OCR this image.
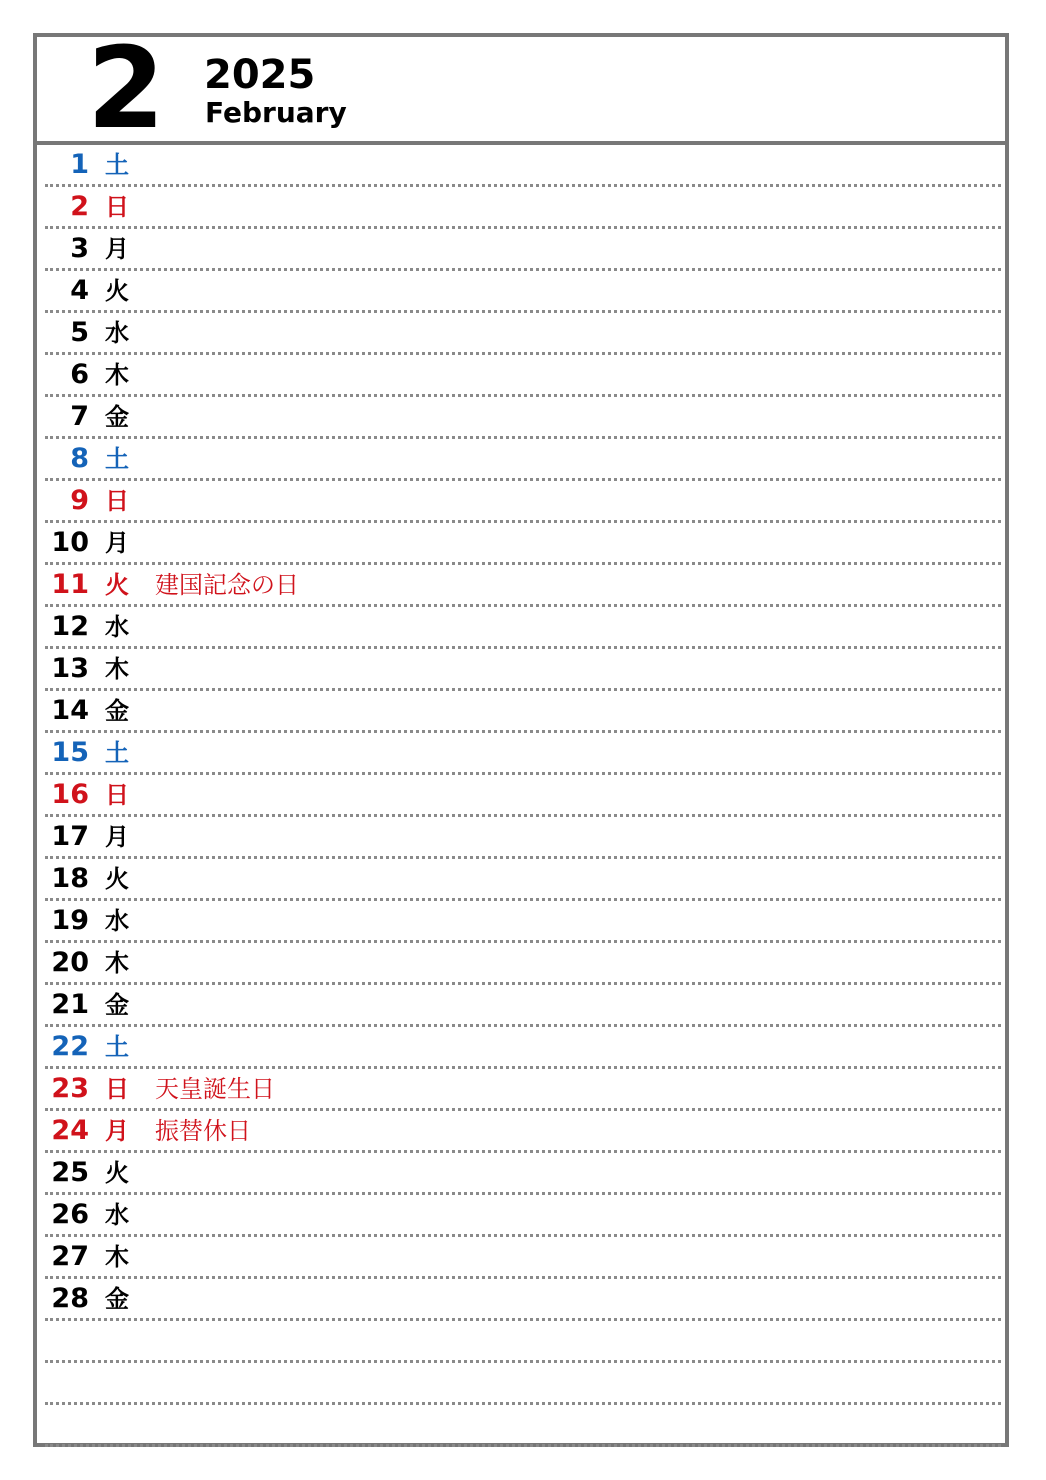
2 2025
February
1 土
2 日
3 月
4 火
5 水
6 木
7 金
8 土
9 日
10 月
11 火	建国記念の日
12 水
13 木
14 金
15 土
16 日
17 月
18 火
19 水
20 木
21 金
22 土
23 日	天皇誕生日
24 月	振替休日
25 火
26 水
27 木
28 金
